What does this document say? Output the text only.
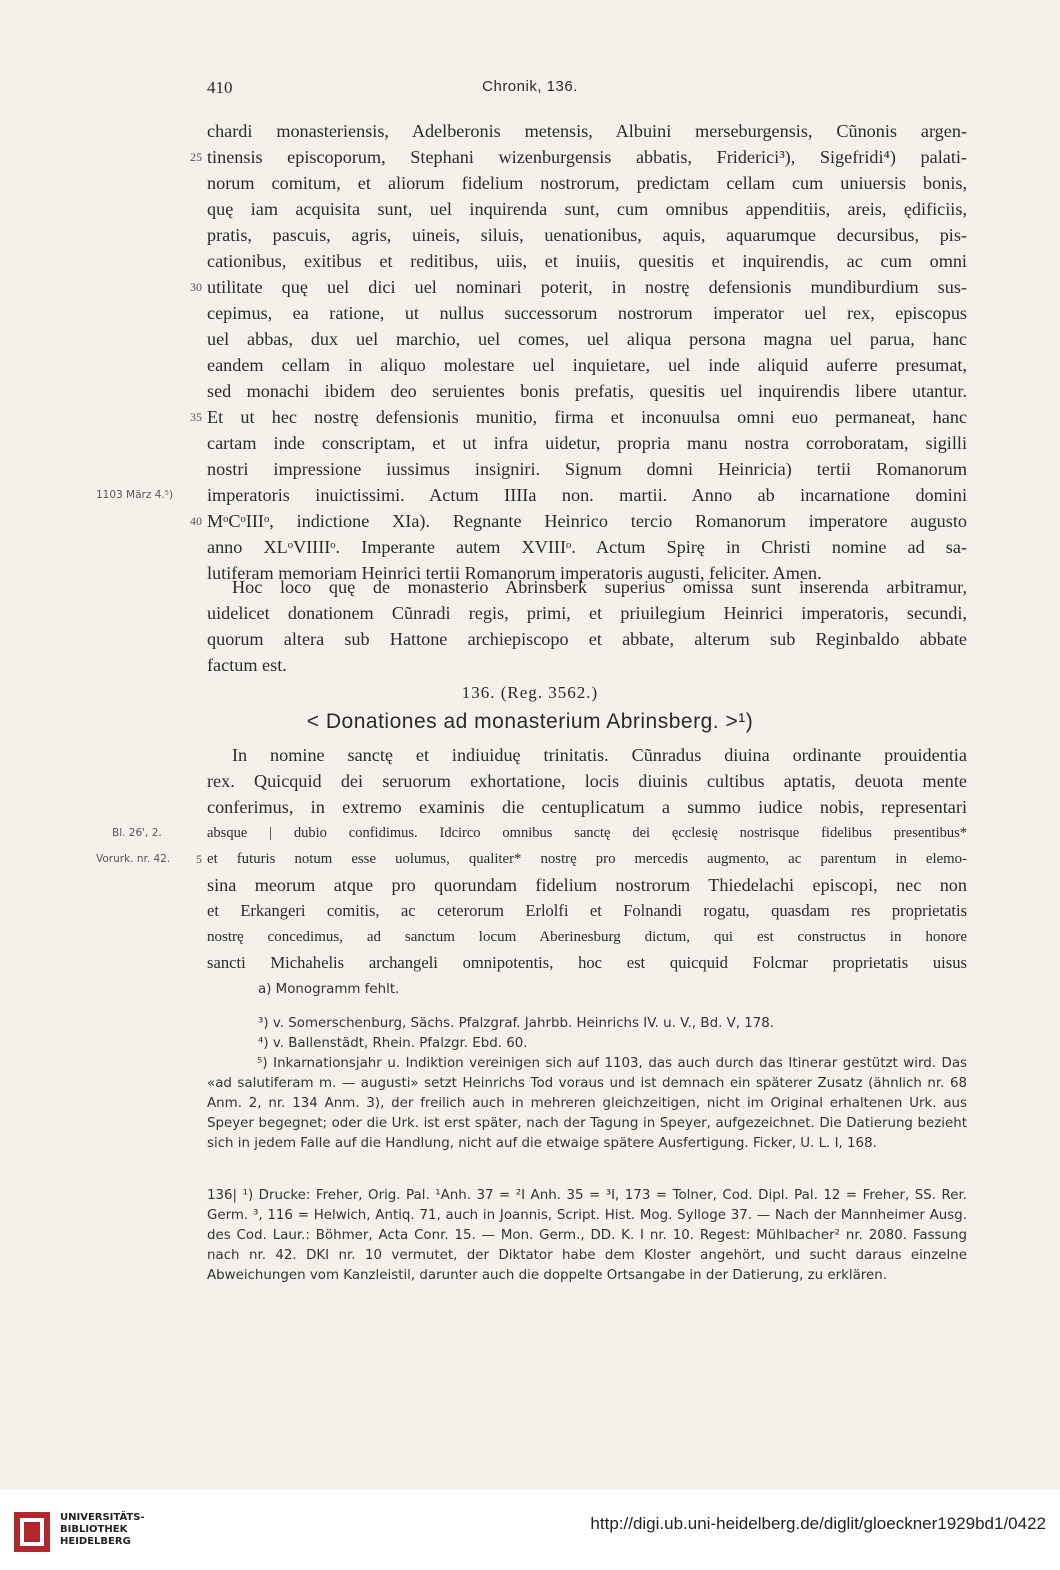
410	Chronik, 136.
25
30
35
40
1103 März 4.⁵)
chardi monasteriensis, Adelberonis metensis, Albuini merseburgensis, Cũnonis argen-
tinensis episcoporum, Stephani wizenburgensis abbatis, Friderici³), Sigefridi⁴) palati-
norum comitum, et aliorum fidelium nostrorum, predictam cellam cum uniuersis bonis,
quę iam acquisita sunt, uel inquirenda sunt, cum omnibus appenditiis, areis, ędificiis,
pratis, pascuis, agris, uineis, siluis, uenationibus, aquis, aquarumque decursibus, pis-
cationibus, exitibus et reditibus, uiis, et inuiis, quesitis et inquirendis, ac cum omni
utilitate quę uel dici uel nominari poterit, in nostrę defensionis mundiburdium sus-
cepimus, ea ratione, ut nullus successorum nostrorum imperator uel rex, episcopus
uel abbas, dux uel marchio, uel comes, uel aliqua persona magna uel parua, hanc
eandem cellam in aliquo molestare uel inquietare, uel inde aliquid auferre presumat,
sed monachi ibidem deo seruientes bonis prefatis, quesitis uel inquirendis libere utantur.
Et ut hec nostrę defensionis munitio, firma et inconuulsa omni euo permaneat, hanc
cartam inde conscriptam, et ut infra uidetur, propria manu nostra corroboratam, sigilli
nostri impressione iussimus insigniri. Signum domni Heinricia) tertii Romanorum
imperatoris inuictissimi. Actum IIIIa non. martii. Anno ab incarnatione domini
MᵒCᵒIIIᵒ, indictione XIa). Regnante Heinrico tercio Romanorum imperatore augusto
anno XLᵒVIIIIᵒ. Imperante autem XVIIIᵒ. Actum Spirę in Christi nomine ad sa-
lutiferam memoriam Heinrici tertii Romanorum imperatoris augusti, feliciter. Amen.
Hoc loco quę de monasterio Abrinsberk superius omissa sunt inserenda arbitramur,
uidelicet donationem Cũnradi regis, primi, et priuilegium Heinrici imperatoris, secundi,
quorum altera sub Hattone archiepiscopo et abbate, alterum sub Reginbaldo abbate
factum est.
136. (Reg. 3562.)
< Donationes ad monasterium Abrinsberg. >¹)
Bl. 26', 2.
Vorurk. nr. 42.	5
In nomine sanctę et indiuiduę trinitatis. Cũnradus diuina ordinante prouidentia
rex. Quicquid dei seruorum exhortatione, locis diuinis cultibus aptatis, deuota mente
conferimus, in extremo examinis die centuplicatum a summo iudice nobis, representari
absque | dubio confidimus. Idcirco omnibus sanctę dei ęcclesię nostrisque fidelibus presentibus*
et futuris notum esse uolumus, qualiter* nostrę pro mercedis augmento, ac parentum in elemo-
sina meorum atque pro quorundam fidelium nostrorum Thiedelachi episcopi, nec non
et Erkangeri comitis, ac ceterorum Erlolfi et Folnandi rogatu, quasdam res proprietatis
nostrę concedimus, ad sanctum locum Aberinesburg dictum, qui est constructus in honore
sancti Michahelis archangeli omnipotentis, hoc est quicquid Folcmar proprietatis uisus
a) Monogramm fehlt.
³) v. Somerschenburg, Sächs. Pfalzgraf. Jahrbb. Heinrichs IV. u. V., Bd. V, 178.
⁴) v. Ballenstädt, Rhein. Pfalzgr. Ebd. 60.
⁵) Inkarnationsjahr u. Indiktion vereinigen sich auf 1103, das auch durch das Itinerar gestützt wird. Das «ad salutiferam m. — augusti» setzt Heinrichs Tod voraus und ist demnach ein späterer Zusatz (ähnlich nr. 68 Anm. 2, nr. 134 Anm. 3), der freilich auch in mehreren gleichzeitigen, nicht im Original erhaltenen Urk. aus Speyer begegnet; oder die Urk. ist erst später, nach der Tagung in Speyer, aufgezeichnet. Die Datierung bezieht sich in jedem Falle auf die Handlung, nicht auf die etwaige spätere Ausfertigung. Ficker, U. L. I, 168.
136| ¹) Drucke: Freher, Orig. Pal. ¹Anh. 37 = ²I Anh. 35 = ³I, 173 = Tolner, Cod. Dipl. Pal. 12 = Freher, SS. Rer. Germ. ³, 116 = Helwich, Antiq. 71, auch in Joannis, Script. Hist. Mog. Sylloge 37. — Nach der Mannheimer Ausg. des Cod. Laur.: Böhmer, Acta Conr. 15. — Mon. Germ., DD. K. I nr. 10. Regest: Mühlbacher² nr. 2080. Fassung nach nr. 42. DKI nr. 10 vermutet, der Diktator habe dem Kloster angehört, und sucht daraus einzelne Abweichungen vom Kanzleistil, darunter auch die doppelte Ortsangabe in der Datierung, zu erklären.
UNIVERSITÄTS-
BIBLIOTHEK
HEIDELBERG
http://digi.ub.uni-heidelberg.de/diglit/gloeckner1929bd1/0422
